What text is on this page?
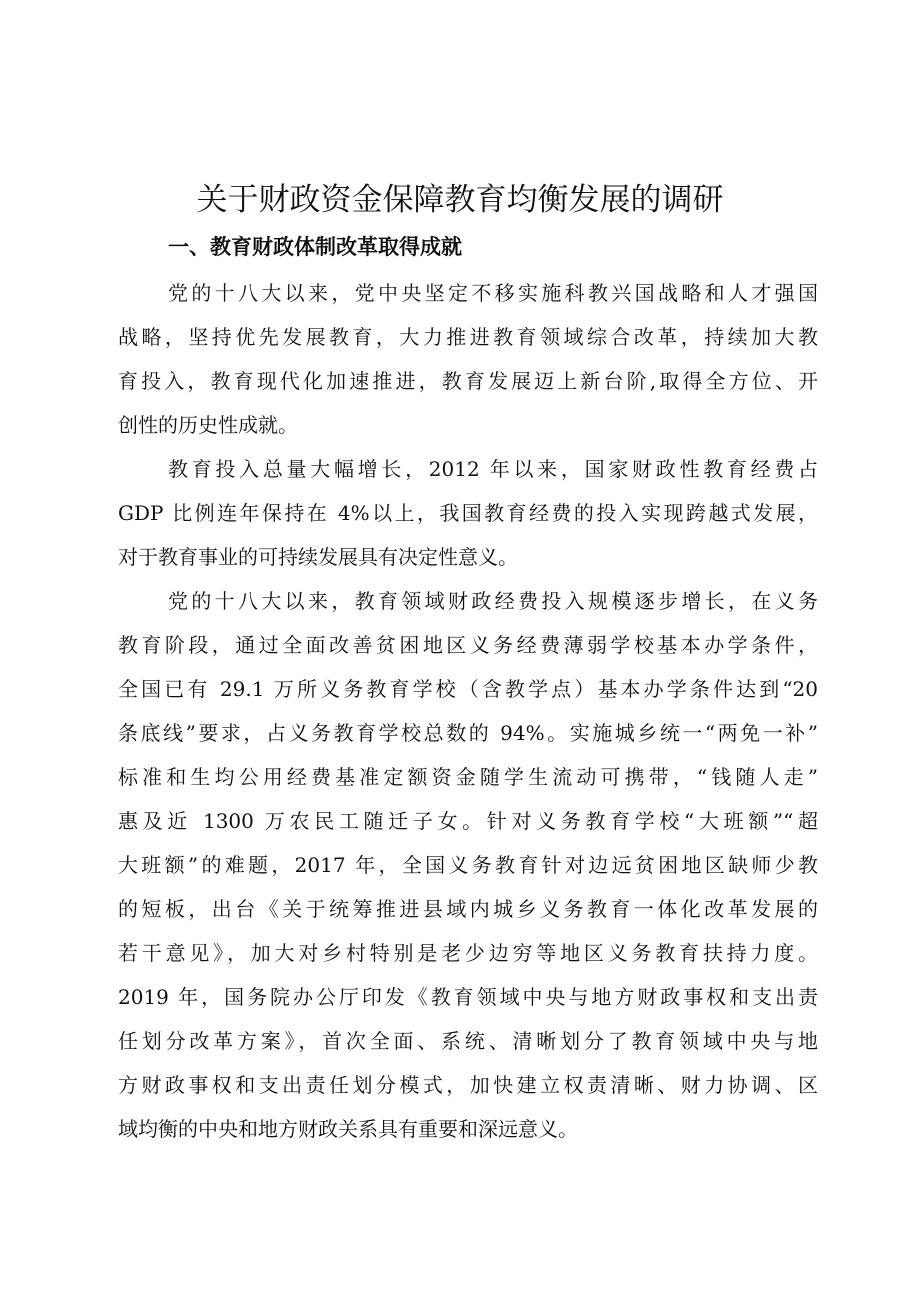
关于财政资金保障教育均衡发展的调研
一、教育财政体制改革取得成就
党的十八大以来，党中央坚定不移实施科教兴国战略和人才强国
战略，坚持优先发展教育，大力推进教育领域综合改革，持续加大教
育投入，教育现代化加速推进，教育发展迈上新台阶,取得全方位、开
创性的历史性成就。
教育投入总量大幅增长，2012 年以来，国家财政性教育经费占
GDP 比例连年保持在 4%以上，我国教育经费的投入实现跨越式发展，
对于教育事业的可持续发展具有决定性意义。
党的十八大以来，教育领域财政经费投入规模逐步增长，在义务
教育阶段，通过全面改善贫困地区义务经费薄弱学校基本办学条件，
全国已有 29.1 万所义务教育学校（含教学点）基本办学条件达到“20
条底线”要求，占义务教育学校总数的 94%。实施城乡统一“两免一补”
标准和生均公用经费基准定额资金随学生流动可携带，“钱随人走”
惠及近 1300 万农民工随迁子女。针对义务教育学校“大班额”“超
大班额”的难题，2017 年，全国义务教育针对边远贫困地区缺师少教
的短板，出台《关于统筹推进县域内城乡义务教育一体化改革发展的
若干意见》，加大对乡村特别是老少边穷等地区义务教育扶持力度。
2019 年，国务院办公厅印发《教育领域中央与地方财政事权和支出责
任划分改革方案》，首次全面、系统、清晰划分了教育领域中央与地
方财政事权和支出责任划分模式，加快建立权责清晰、财力协调、区
域均衡的中央和地方财政关系具有重要和深远意义。
